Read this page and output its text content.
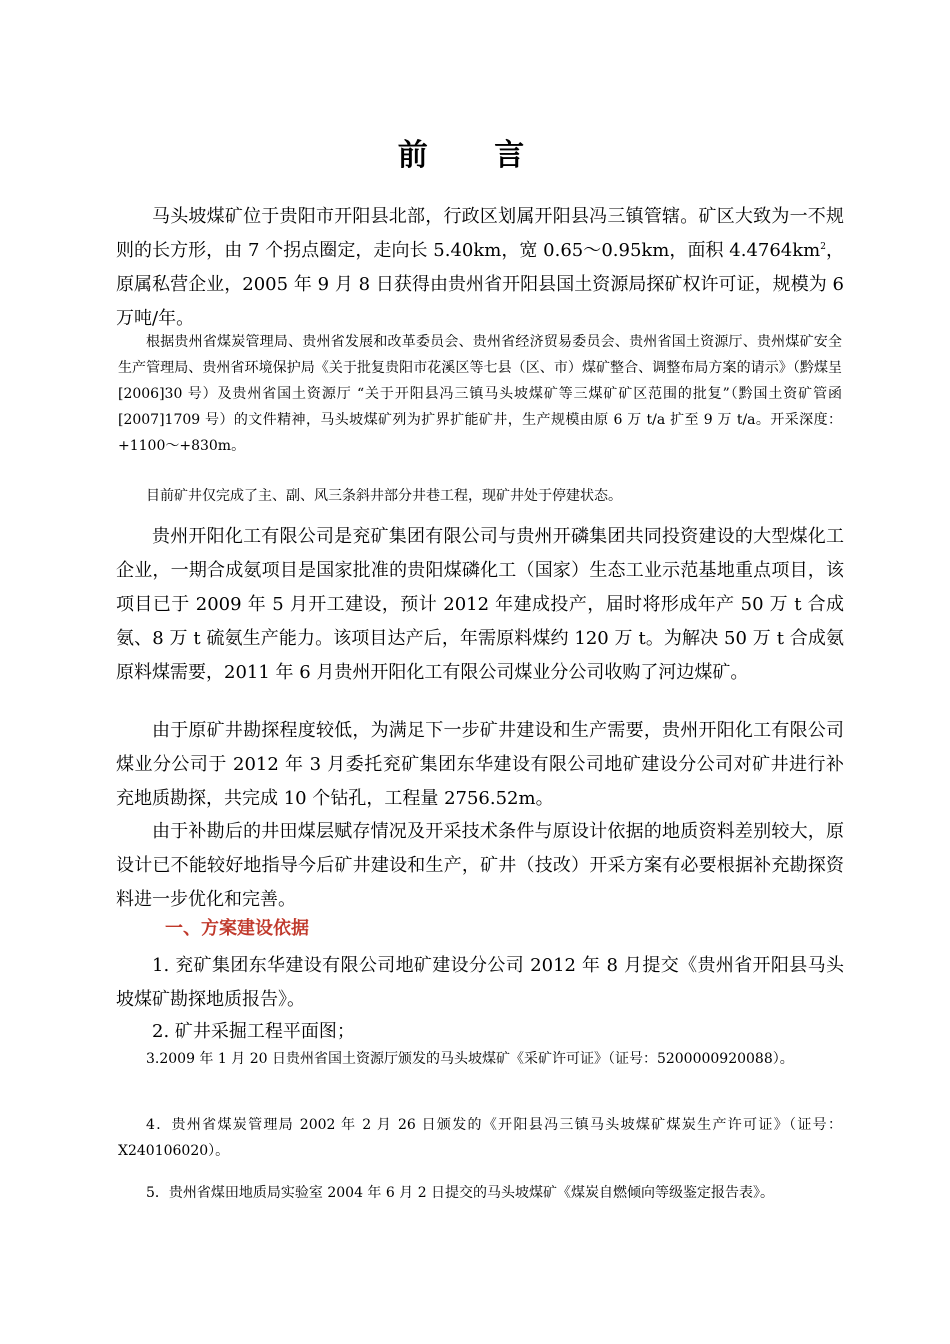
前 言

马头坡煤矿位于贵阳市开阳县北部，行政区划属开阳县冯三镇管辖。矿区大致为一不规则的长方形，由 7 个拐点圈定，走向长 5.40km，宽 0.65～0.95km，面积 $4.4764km^2$，原属私营企业，2005 年 9 月 8 日获得由贵州省开阳县国土资源局探矿权许可证，规模为 6 万吨/年。

根据贵州省煤炭管理局、贵州省发展和改革委员会、贵州省经济贸易委员会、贵州省国土资源厅、贵州煤矿安全生产管理局、贵州省环境保护局《关于批复贵阳市花溪区等七县（区、市）煤矿整合、调整布局方案的请示》（黔煤呈[2006]30 号）及贵州省国土资源厅 “关于开阳县冯三镇马头坡煤矿等三煤矿矿区范围的批复”（黔国土资矿管函[2007]1709 号）的文件精神，马头坡煤矿列为扩界扩能矿井，生产规模由原 6 万 t/a 扩至 9 万 t/a。开采深度：+1100～+830m。

目前矿井仅完成了主、副、风三条斜井部分井巷工程，现矿井处于停建状态。

贵州开阳化工有限公司是兖矿集团有限公司与贵州开磷集团共同投资建设的大型煤化工企业，一期合成氨项目是国家批准的贵阳煤磷化工（国家）生态工业示范基地重点项目，该项目已于 2009 年 5 月开工建设，预计 2012 年建成投产，届时将形成年产 50 万 t 合成氨、8 万 t 硫氨生产能力。该项目达产后，年需原料煤约 120 万 t。为解决 50 万 t 合成氨原料煤需要，2011 年 6 月贵州开阳化工有限公司煤业分公司收购了河边煤矿。

由于原矿井勘探程度较低，为满足下一步矿井建设和生产需要，贵州开阳化工有限公司煤业分公司于 2012 年 3 月委托兖矿集团东华建设有限公司地矿建设分公司对矿井进行补充地质勘探，共完成 10 个钻孔，工程量 2756.52m。

由于补勘后的井田煤层赋存情况及开采技术条件与原设计依据的地质资料差别较大，原设计已不能较好地指导今后矿井建设和生产，矿井（技改）开采方案有必要根据补充勘探资料进一步优化和完善。

一、方案建设依据

1. 兖矿集团东华建设有限公司地矿建设分公司 2012 年 8 月提交《贵州省开阳县马头坡煤矿勘探地质报告》。

2. 矿井采掘工程平面图；

3.2009 年 1 月 20 日贵州省国土资源厅颁发的马头坡煤矿《采矿许可证》（证号：5200000920088）。

4．贵州省煤炭管理局 2002 年 2 月 26 日颁发的《开阳县冯三镇马头坡煤矿煤炭生产许可证》（证号：X240106020）。

5．贵州省煤田地质局实验室 2004 年 6 月 2 日提交的马头坡煤矿《煤炭自燃倾向等级鉴定报告表》。
